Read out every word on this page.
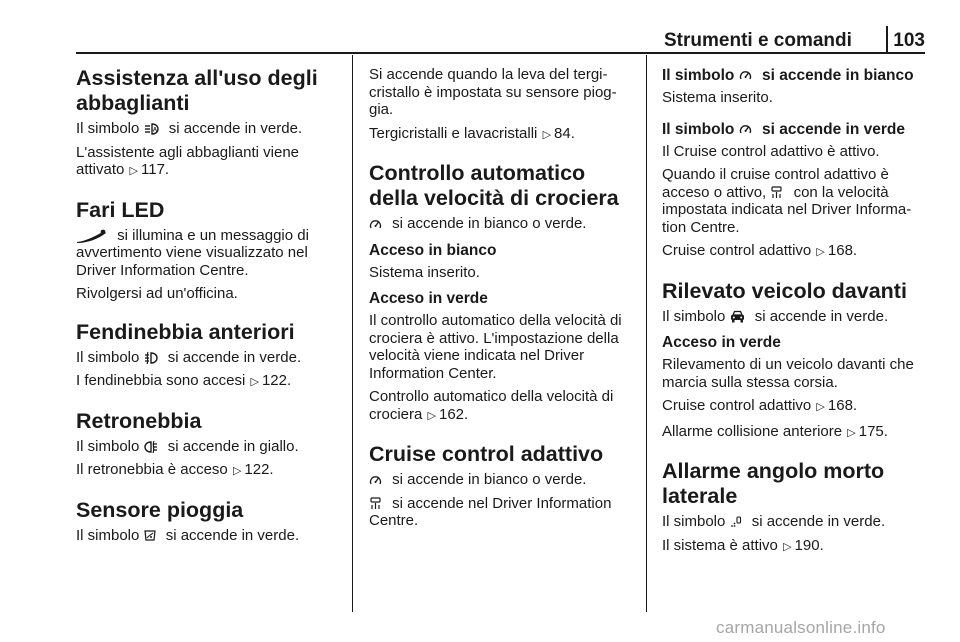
Strumenti e comandi 103
Assistenza all'uso degli abbaglianti

Il simbolo A si accende in verde.

L'assistente agli abbaglianti viene attivato ▷ 117.

Fari LED

si illumina e un messaggio di avvertimento viene visualizzato nel Driver Information Centre.

Rivolgersi ad un'officina.

Fendinebbia anteriori

Il simbolo si accende in verde.

I fendinebbia sono accesi ▷ 122.

Retronebbia

Il simbolo si accende in giallo.

Il retronebbia è acceso ▷ 122.

Sensore pioggia

Il simbolo si accende in verde.

Si accende quando la leva del tergi-cristallo è impostata su sensore piog-gia.

Tergicristalli e lavacristalli ▷ 84.

Controllo automatico della velocità di crociera

si accende in bianco o verde.

Acceso in bianco

Sistema inserito.

Acceso in verde

Il controllo automatico della velocità di crociera è attivo. L'impostazione della velocità viene indicata nel Driver Information Center.

Controllo automatico della velocità di crociera ▷ 162.

Cruise control adattivo

si accende in bianco o verde.

si accende nel Driver Information Centre.

Il simbolo si accende in bianco

Sistema inserito.

Il simbolo si accende in verde

Il Cruise control adattivo è attivo.

Quando il cruise control adattivo è acceso o attivo, con la velocità impostata indicata nel Driver Informa-tion Centre.

Cruise control adattivo ▷ 168.

Rilevato veicolo davanti

Il simbolo si accende in verde.

Acceso in verde

Rilevamento di un veicolo davanti che marcia sulla stessa corsia.

Cruise control adattivo ▷ 168.

Allarme collisione anteriore ▷ 175.

Allarme angolo morto laterale

Il simbolo si accende in verde.

Il sistema è attivo ▷ 190.

carmanualsonline.info
